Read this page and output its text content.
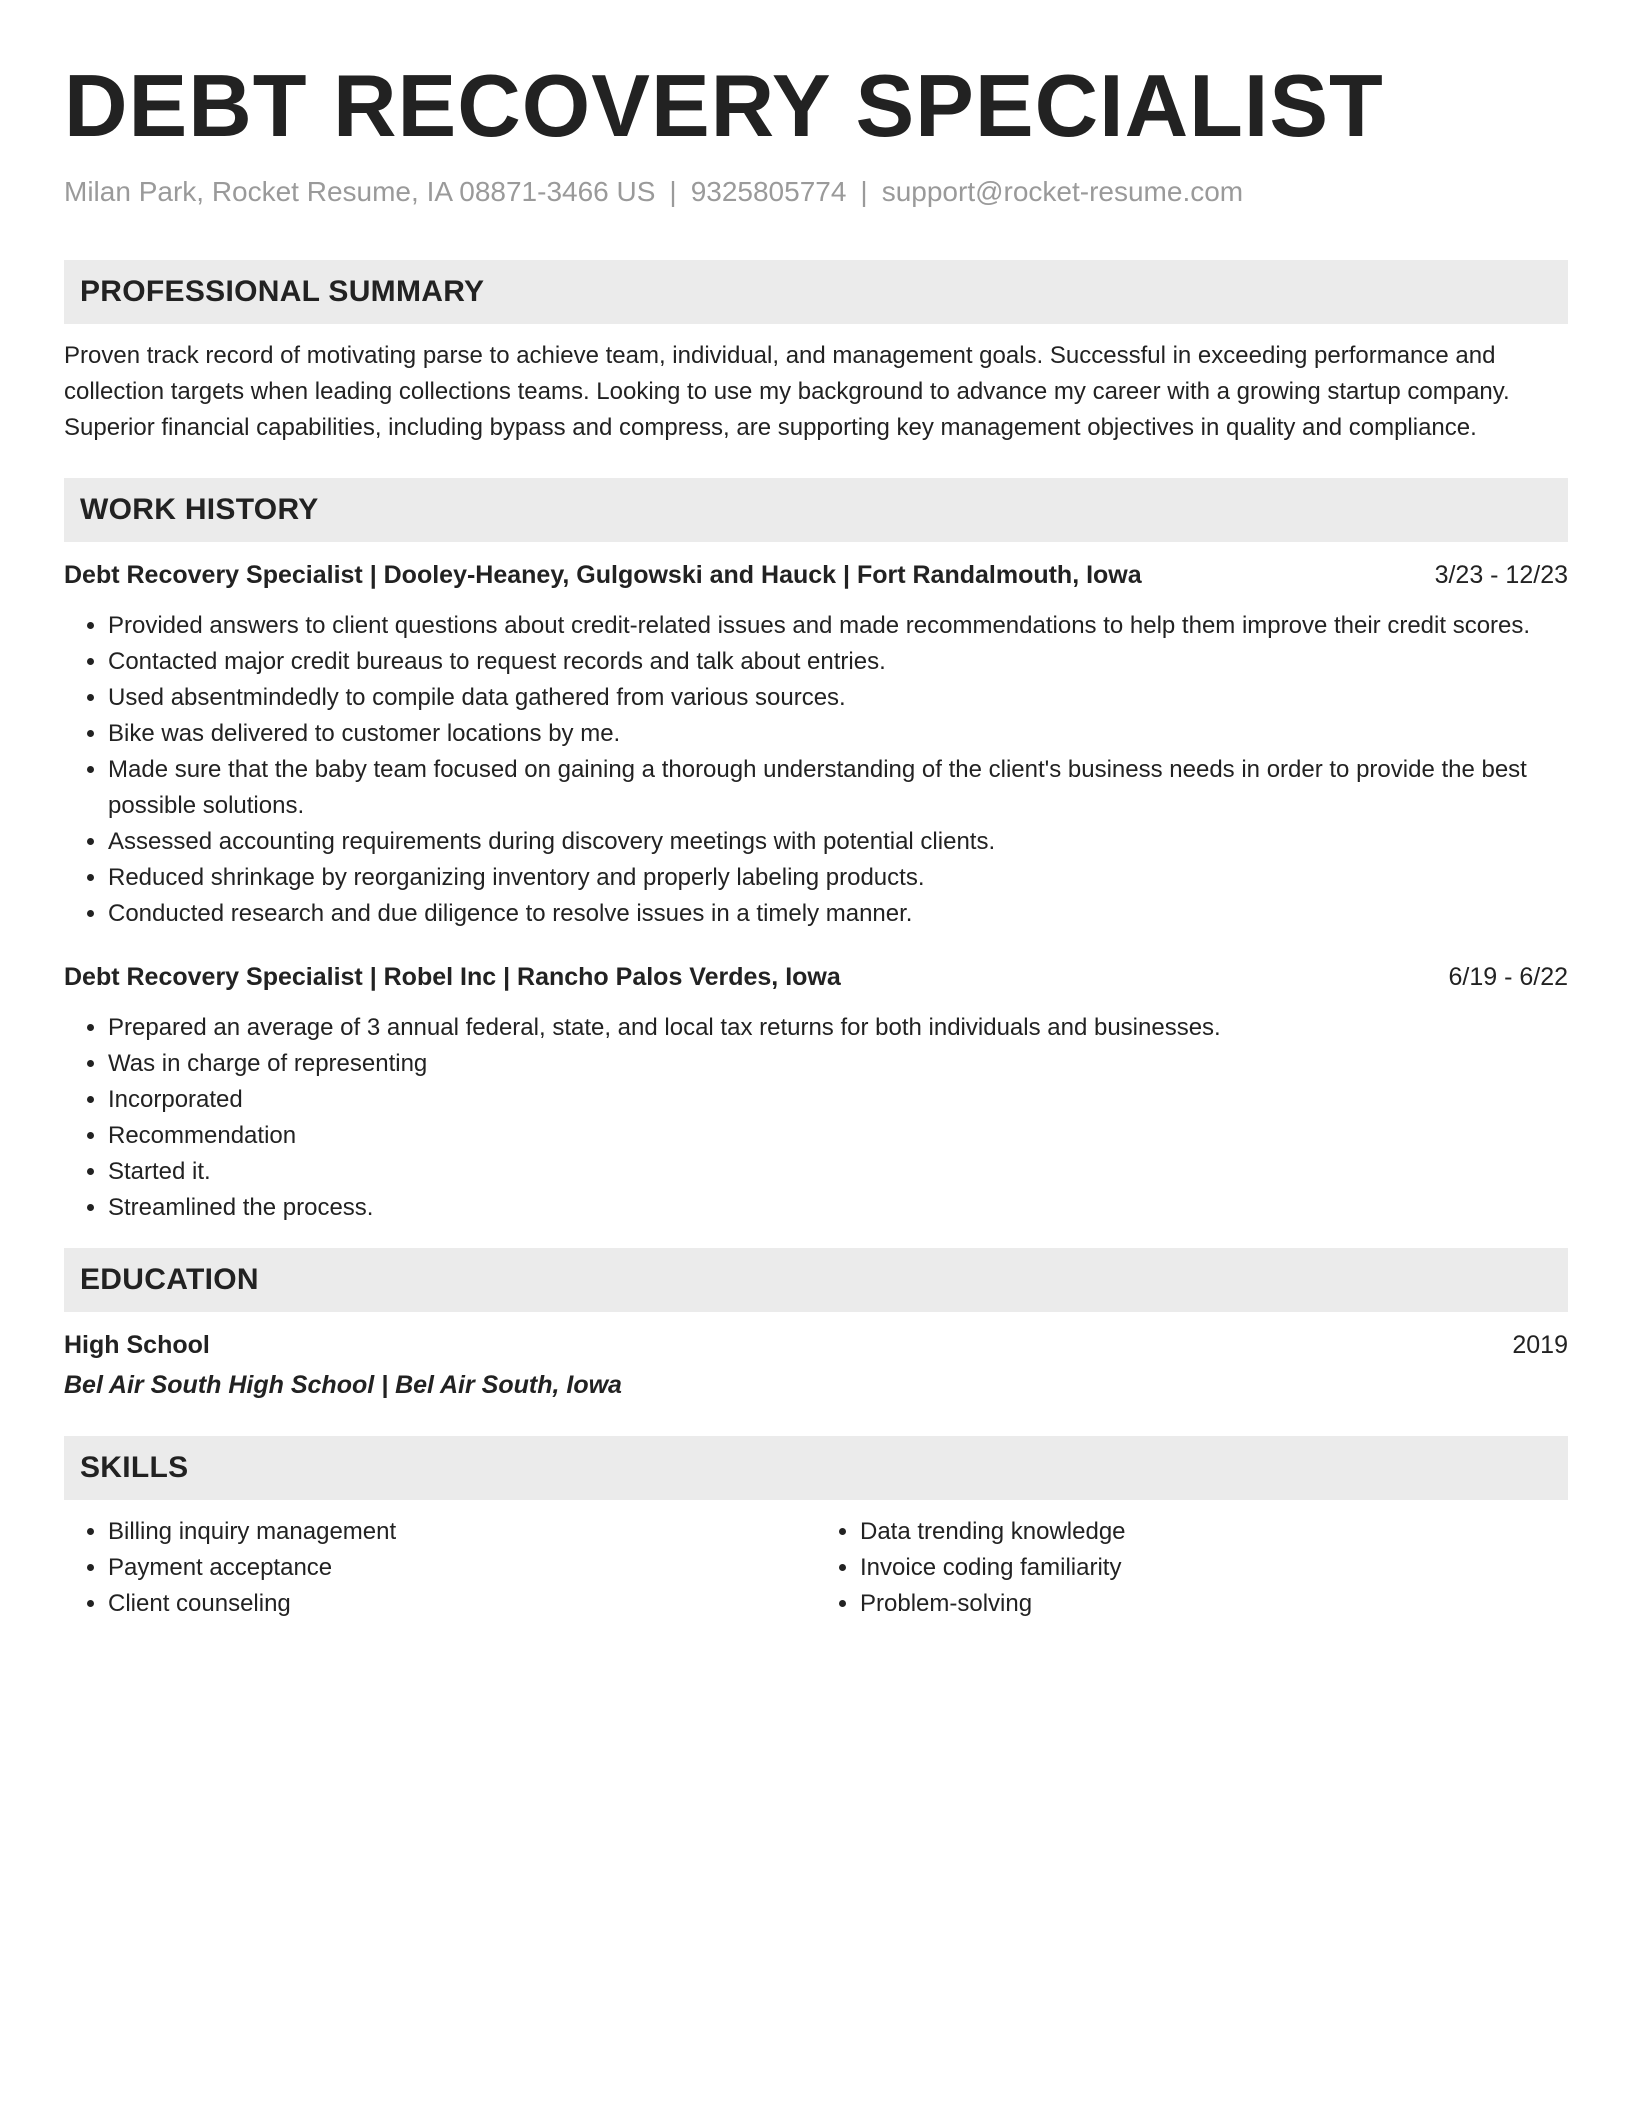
DEBT RECOVERY SPECIALIST
Milan Park, Rocket Resume, IA 08871-3466 US | 9325805774 | support@rocket-resume.com
PROFESSIONAL SUMMARY

Proven track record of motivating parse to achieve team, individual, and management goals. Successful in exceeding performance and collection targets when leading collections teams. Looking to use my background to advance my career with a growing startup company. Superior financial capabilities, including bypass and compress, are supporting key management objectives in quality and compliance.

WORK HISTORY
Debt Recovery Specialist | Dooley-Heaney, Gulgowski and Hauck | Fort Randalmouth, Iowa	3/23 - 12/23
• Provided answers to client questions about credit-related issues and made recommendations to help them improve their credit scores.
• Contacted major credit bureaus to request records and talk about entries.
• Used absentmindedly to compile data gathered from various sources.
• Bike was delivered to customer locations by me.
• Made sure that the baby team focused on gaining a thorough understanding of the client's business needs in order to provide the best possible solutions.
• Assessed accounting requirements during discovery meetings with potential clients.
• Reduced shrinkage by reorganizing inventory and properly labeling products.
• Conducted research and due diligence to resolve issues in a timely manner.
Debt Recovery Specialist | Robel Inc | Rancho Palos Verdes, Iowa	6/19 - 6/22
• Prepared an average of 3 annual federal, state, and local tax returns for both individuals and businesses.
• Was in charge of representing
• Incorporated
• Recommendation
• Started it.
• Streamlined the process.
EDUCATION
High School	2019
Bel Air South High School | Bel Air South, Iowa
SKILLS
• Billing inquiry management
• Payment acceptance
• Client counseling
• Data trending knowledge
• Invoice coding familiarity
• Problem-solving
